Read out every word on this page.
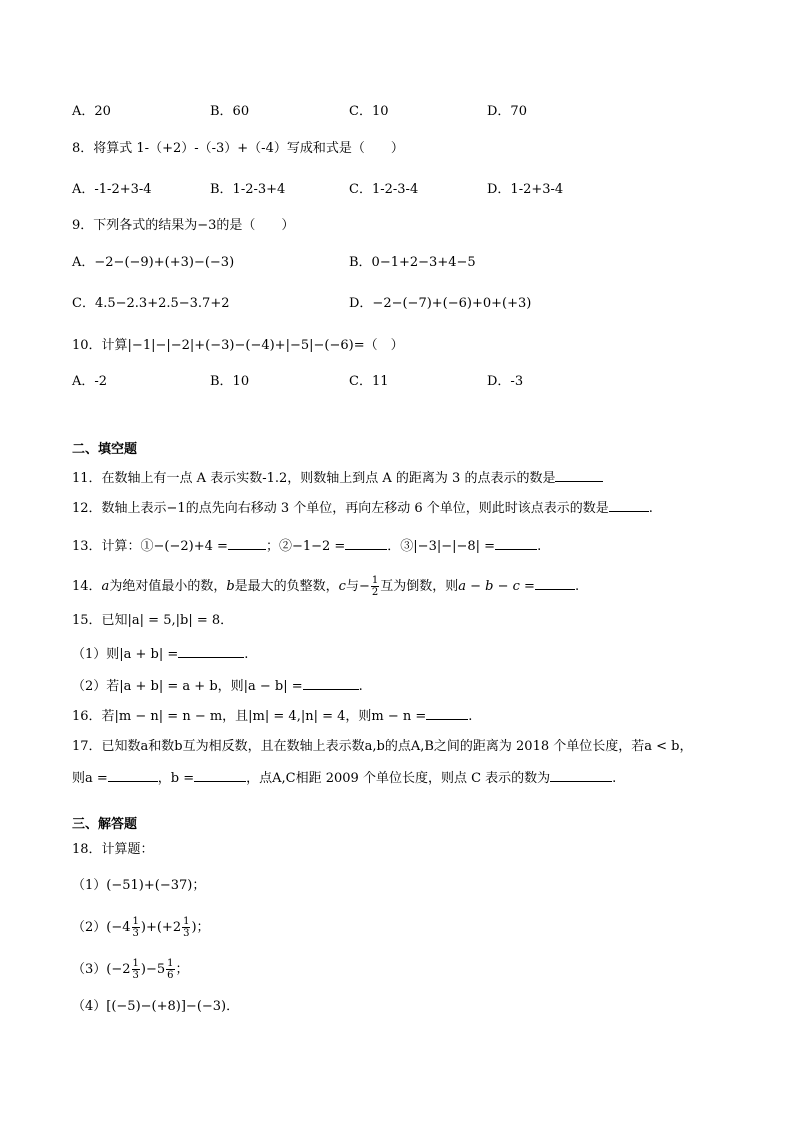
A．20	B．60	C．10	D．70
8．将算式 1-（+2）-（-3）+（-4）写成和式是（　　）
A．-1-2+3-4	B．1-2-3+4	C．1-2-3-4	D．1-2+3-4
9．下列各式的结果为−3的是（　　）
A．−2−(−9)+(+3)−(−3)	B．0−1+2−3+4−5
C．4.5−2.3+2.5−3.7+2	D．−2−(−7)+(−6)+0+(+3)
10．计算|−1|−|−2|+(−3)−(−4)+|−5|−(−6)=（　）
A．-2	B．10	C．11	D．-3
二、填空题
11．在数轴上有一点 A 表示实数-1.2，则数轴上到点 A 的距离为 3 的点表示的数是
12．数轴上表示−1的点先向右移动 3 个单位，再向左移动 6 个单位，则此时该点表示的数是	.
13．计算：①−(−2)+4 =	；②−1−2 =	．③|−3|−|−8| =	.
14．a为绝对值最小的数，b是最大的负整数，c与− $\frac{1}{2}$ 互为倒数，则a − b − c =	.
15．已知|a| = 5,|b| = 8．
（1）则|a + b| =	.
（2）若|a + b| = a + b，则|a − b| =	.
16．若|m − n| = n − m，且|m| = 4,|n| = 4，则m − n =	.
17．已知数a和数b互为相反数，且在数轴上表示数a,b的点A,B之间的距离为 2018 个单位长度，若a < b，
则a =	，b =	，点A,C相距 2009 个单位长度，则点 C 表示的数为	.
三、解答题
18．计算题：
（1）(−51)+(−37)；
$(2)(-4 \frac{1}{3} )+(+2 \frac{1}{3}$ )；
$(3)(-2 \frac{1}{3} )-5 \frac{1}{6}$ ；
（4）[(−5)−(+8)]−(−3)．
